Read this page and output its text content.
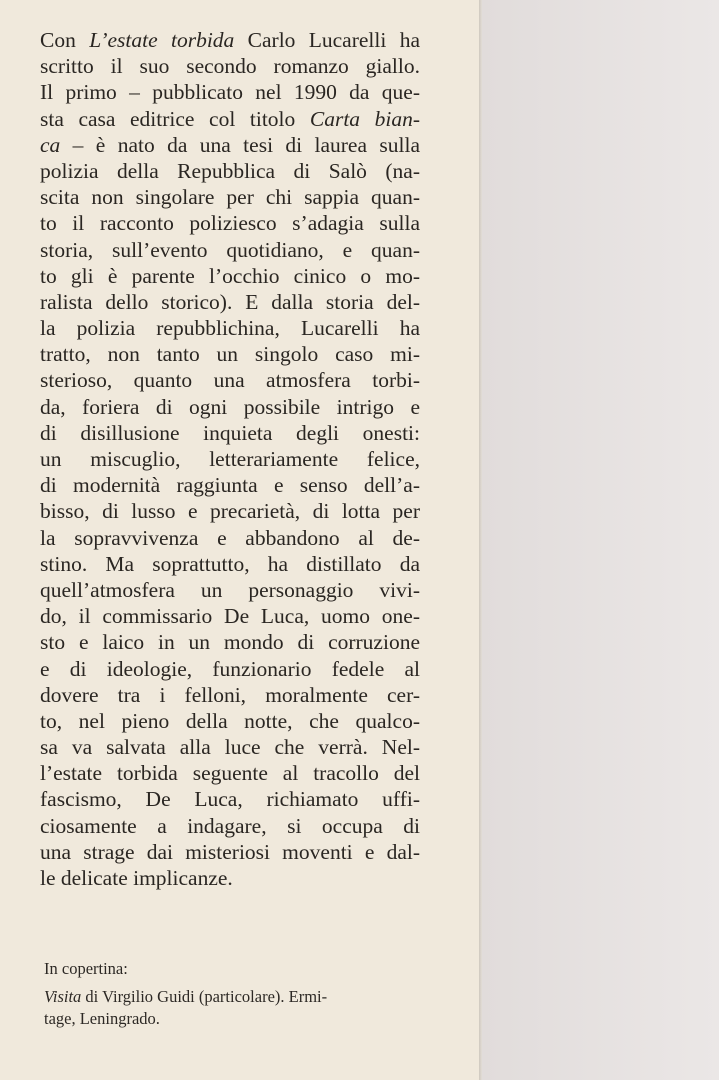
Con L’estate torbida Carlo Lucarelli ha
scritto il suo secondo romanzo giallo.
Il primo – pubblicato nel 1990 da que-
sta casa editrice col titolo Carta bian-
ca – è nato da una tesi di laurea sulla
polizia della Repubblica di Salò (na-
scita non singolare per chi sappia quan-
to il racconto poliziesco s’adagia sulla
storia, sull’evento quotidiano, e quan-
to gli è parente l’occhio cinico o mo-
ralista dello storico). E dalla storia del-
la polizia repubblichina, Lucarelli ha
tratto, non tanto un singolo caso mi-
sterioso, quanto una atmosfera torbi-
da, foriera di ogni possibile intrigo e
di disillusione inquieta degli onesti:
un miscuglio, letterariamente felice,
di modernità raggiunta e senso dell’a-
bisso, di lusso e precarietà, di lotta per
la sopravvivenza e abbandono al de-
stino. Ma soprattutto, ha distillato da
quell’atmosfera un personaggio vivi-
do, il commissario De Luca, uomo one-
sto e laico in un mondo di corruzione
e di ideologie, funzionario fedele al
dovere tra i felloni, moralmente cer-
to, nel pieno della notte, che qualco-
sa va salvata alla luce che verrà. Nel-
l’estate torbida seguente al tracollo del
fascismo, De Luca, richiamato uffi-
ciosamente a indagare, si occupa di
una strage dai misteriosi moventi e dal-
le delicate implicanze.
In copertina:
Visita di Virgilio Guidi (particolare). Ermi-
tage, Leningrado.
